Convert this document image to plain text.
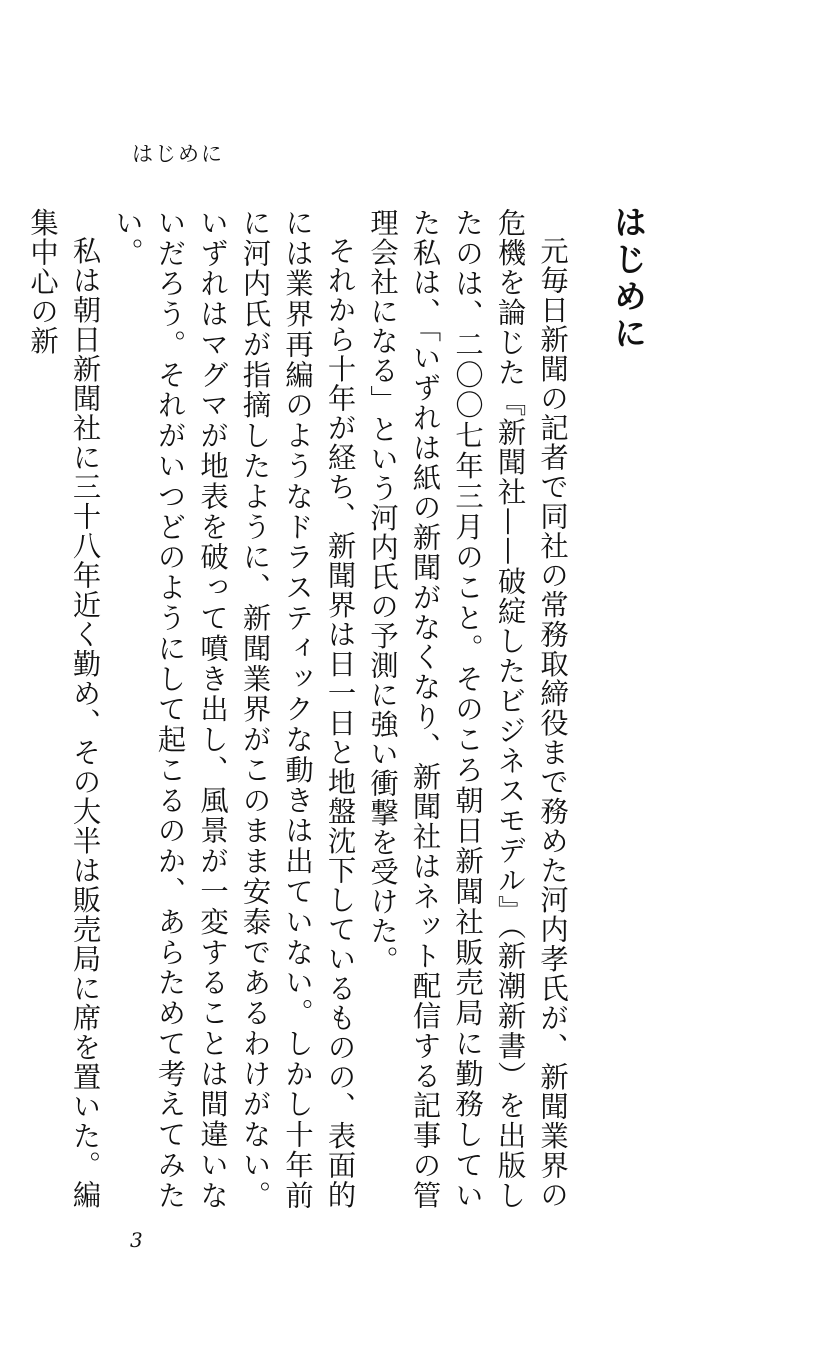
はじめに
はじめに

元毎日新聞の記者で同社の常務取締役まで務めた河内孝氏が、新聞業界の危機を論じた『新聞社——破綻したビジネスモデル』（新潮新書）を出版したのは、二〇〇七年三月のこと。そのころ朝日新聞社販売局に勤務していた私は、「いずれは紙の新聞がなくなり、新聞社はネット配信する記事の管理会社になる」という河内氏の予測に強い衝撃を受けた。

それから十年が経ち、新聞界は日一日と地盤沈下しているものの、表面的には業界再編のようなドラスティックな動きは出ていない。しかし十年前に河内氏が指摘したように、新聞業界がこのまま安泰であるわけがない。いずれはマグマが地表を破って噴き出し、風景が一変することは間違いないだろう。それがいつどのようにして起こるのか、あらためて考えてみたい。

私は朝日新聞社に三十八年近く勤め、その大半は販売局に席を置いた。編集中心の新

3
